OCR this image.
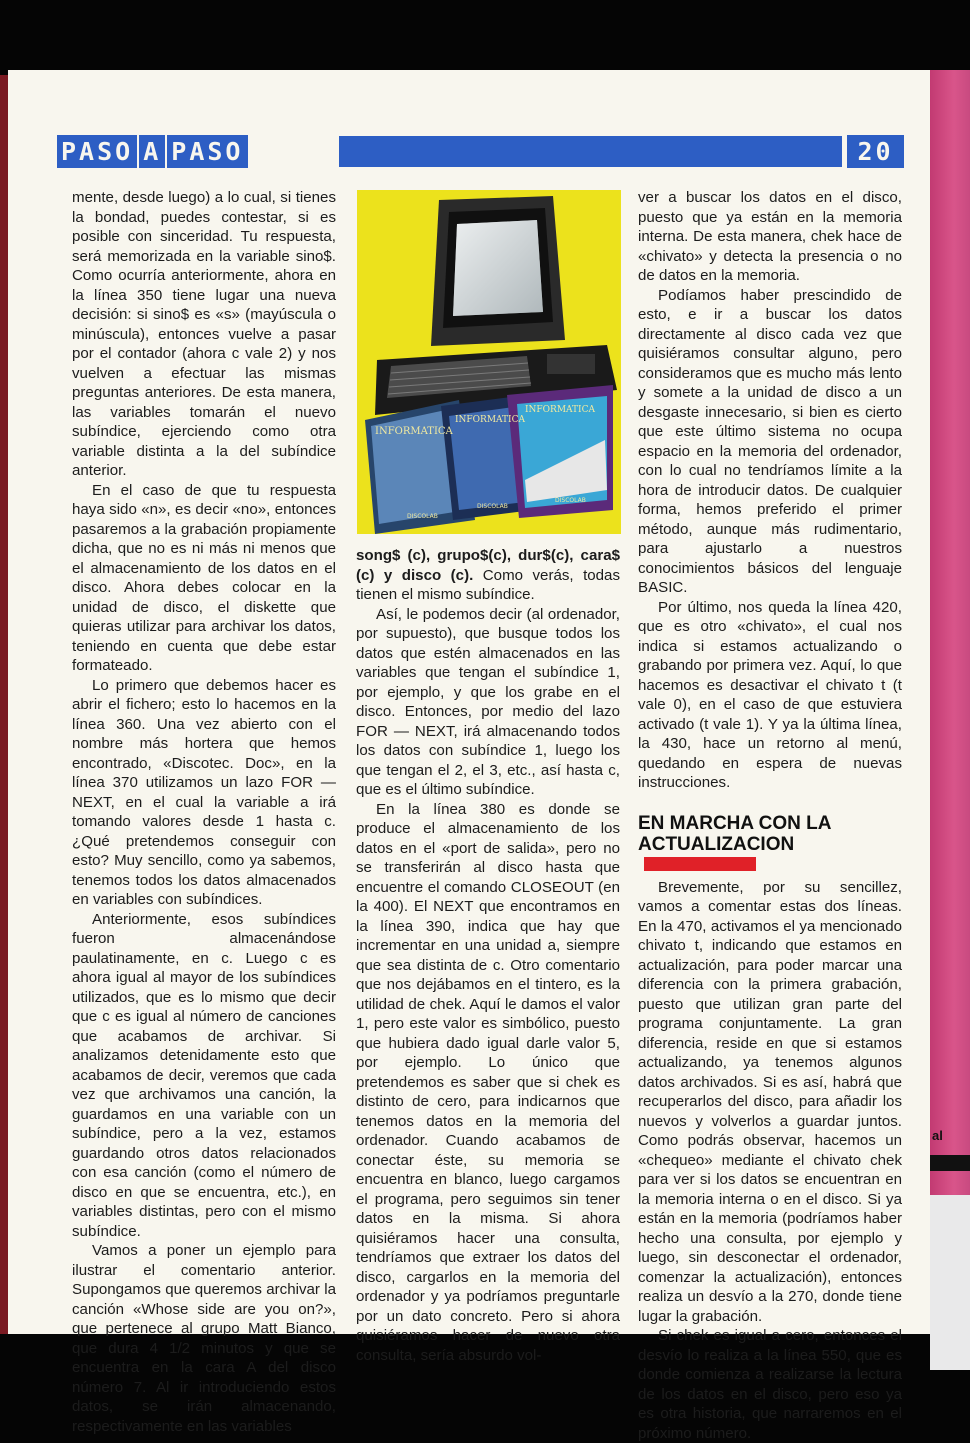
al
PASO A PASO	20

mente, desde luego) a lo cual, si tienes la bondad, puedes contestar, si es posible con sinceridad. Tu respuesta, será memorizada en la variable sino$. Como ocurría anteriormente, ahora en la línea 350 tiene lugar una nueva decisión: si sino$ es «s» (mayúscula o minúscula), entonces vuelve a pasar por el contador (ahora c vale 2) y nos vuelven a efectuar las mismas preguntas anteriores. De esta manera, las variables tomarán el nuevo subíndice, ejerciendo como otra variable distinta a la del subíndice anterior.

En el caso de que tu respuesta haya sido «n», es decir «no», entonces pasaremos a la grabación propiamente dicha, que no es ni más ni menos que el almacenamiento de los datos en el disco. Ahora debes colocar en la unidad de disco, el diskette que quieras utilizar para archivar los datos, teniendo en cuenta que debe estar formateado.

Lo primero que debemos hacer es abrir el fichero; esto lo hacemos en la línea 360. Una vez abierto con el nombre más hortera que hemos encontrado, «Discotec. Doc», en la línea 370 utilizamos un lazo FOR — NEXT, en el cual la variable a irá tomando valores desde 1 hasta c. ¿Qué pretendemos conseguir con esto? Muy sencillo, como ya sabemos, tenemos todos los datos almacenados en variables con subíndices.

Anteriormente, esos subíndices fueron almacenándose paulatinamente, en c. Luego c es ahora igual al mayor de los subíndices utilizados, que es lo mismo que decir que c es igual al número de canciones que acabamos de archivar. Si analizamos detenidamente esto que acabamos de decir, veremos que cada vez que archivamos una canción, la guardamos en una variable con un subíndice, pero a la vez, estamos guardando otros datos relacionados con esa canción (como el número de disco en que se encuentra, etc.), en variables distintas, pero con el mismo subíndice.

Vamos a poner un ejemplo para ilustrar el comentario anterior. Supongamos que queremos archivar la canción «Whose side are you on?», que pertenece al grupo Matt Bianco, que dura 4 1/2 minutos y que se encuentra en la cara A del disco número 7. Al ir introduciendo estos datos, se irán almacenando, respectivamente en las variables

INFORMATICA
INFORMATICA
INFORMATICA
DISCOLAB
DISCOLAB
DISCOLAB

song$ (c), grupo$(c), dur$(c), cara$ (c) y disco (c). Como verás, todas tienen el mismo subíndice.

Así, le podemos decir (al ordenador, por supuesto), que busque todos los datos que estén almacenados en las variables que tengan el subíndice 1, por ejemplo, y que los grabe en el disco. Entonces, por medio del lazo FOR — NEXT, irá almacenando todos los datos con subíndice 1, luego los que tengan el 2, el 3, etc., así hasta c, que es el último subíndice.

En la línea 380 es donde se produce el almacenamiento de los datos en el «port de salida», pero no se transferirán al disco hasta que encuentre el comando CLOSEOUT (en la 400). El NEXT que encontramos en la línea 390, indica que hay que incrementar en una unidad a, siempre que sea distinta de c. Otro comentario que nos dejábamos en el tintero, es la utilidad de chek. Aquí le damos el valor 1, pero este valor es simbólico, puesto que hubiera dado igual darle valor 5, por ejemplo. Lo único que pretendemos es saber que si chek es distinto de cero, para indicarnos que tenemos datos en la memoria del ordenador. Cuando acabamos de conectar éste, su memoria se encuentra en blanco, luego cargamos el programa, pero seguimos sin tener datos en la misma. Si ahora quisiéramos hacer una consulta, tendríamos que extraer los datos del disco, cargarlos en la memoria del ordenador y ya podríamos preguntarle por un dato concreto. Pero si ahora quisiéramos hacer de nuevo otra consulta, sería absurdo vol-

ver a buscar los datos en el disco, puesto que ya están en la memoria interna. De esta manera, chek hace de «chivato» y detecta la presencia o no de datos en la memoria.

Podíamos haber prescindido de esto, e ir a buscar los datos directamente al disco cada vez que quisiéramos consultar alguno, pero consideramos que es mucho más lento y somete a la unidad de disco a un desgaste innecesario, si bien es cierto que este último sistema no ocupa espacio en la memoria del ordenador, con lo cual no tendríamos límite a la hora de introducir datos. De cualquier forma, hemos preferido el primer método, aunque más rudimentario, para ajustarlo a nuestros conocimientos básicos del lenguaje BASIC.

Por último, nos queda la línea 420, que es otro «chivato», el cual nos indica si estamos actualizando o grabando por primera vez. Aquí, lo que hacemos es desactivar el chivato t (t vale 0), en el caso de que estuviera activado (t vale 1). Y ya la última línea, la 430, hace un retorno al menú, quedando en espera de nuevas instrucciones.

EN MARCHA CON LA
ACTUALIZACION

Brevemente, por su sencillez, vamos a comentar estas dos líneas. En la 470, activamos el ya mencionado chivato t, indicando que estamos en actualización, para poder marcar una diferencia con la primera grabación, puesto que utilizan gran parte del programa conjuntamente. La gran diferencia, reside en que si estamos actualizando, ya tenemos algunos datos archivados. Si es así, habrá que recuperarlos del disco, para añadir los nuevos y volverlos a guardar juntos. Como podrás observar, hacemos un «chequeo» mediante el chivato chek para ver si los datos se encuentran en la memoria interna o en el disco. Si ya están en la memoria (podríamos haber hecho una consulta, por ejemplo y luego, sin desconectar el ordenador, comenzar la actualización), entonces realiza un desvío a la 270, donde tiene lugar la grabación.

Si chek es igual a cero, entonces el desvío lo realiza a la línea 550, que es donde comienza a realizarse la lectura de los datos en el disco, pero eso ya es otra historia, que narraremos en el próximo número.
